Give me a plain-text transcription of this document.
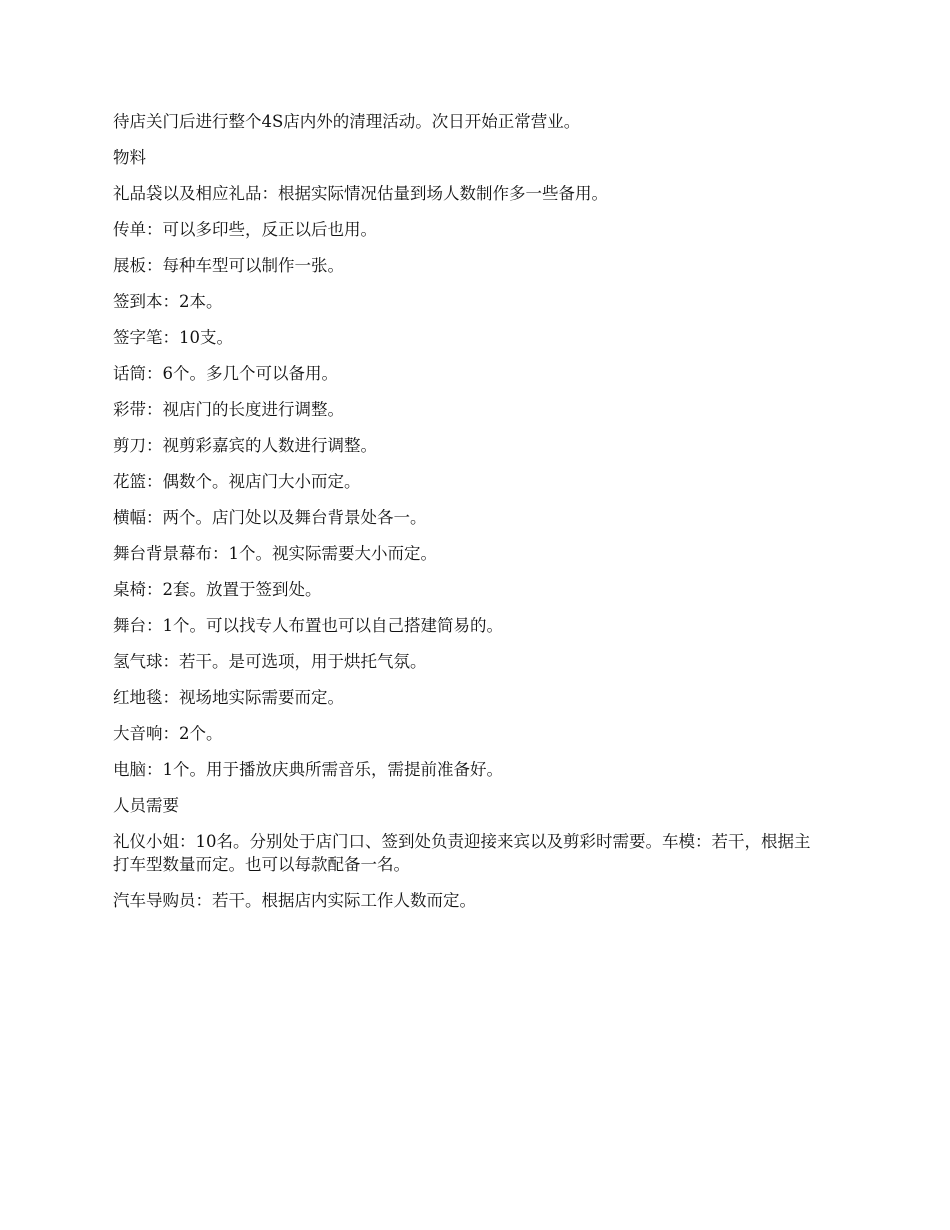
待店关门后进行整个4S店内外的清理活动。次日开始正常营业。

物料

礼品袋以及相应礼品：根据实际情况估量到场人数制作多一些备用。

传单：可以多印些，反正以后也用。

展板：每种车型可以制作一张。

签到本：2本。

签字笔：10支。

话筒：6个。多几个可以备用。

彩带：视店门的长度进行调整。

剪刀：视剪彩嘉宾的人数进行调整。

花篮：偶数个。视店门大小而定。

横幅：两个。店门处以及舞台背景处各一。

舞台背景幕布：1个。视实际需要大小而定。

桌椅：2套。放置于签到处。

舞台：1个。可以找专人布置也可以自己搭建简易的。

氢气球：若干。是可选项，用于烘托气氛。

红地毯：视场地实际需要而定。

大音响：2个。

电脑：1个。用于播放庆典所需音乐，需提前准备好。

人员需要

礼仪小姐：10名。分别处于店门口、签到处负责迎接来宾以及剪彩时需要。车模：若干，根据主打车型数量而定。也可以每款配备一名。

汽车导购员：若干。根据店内实际工作人数而定。
